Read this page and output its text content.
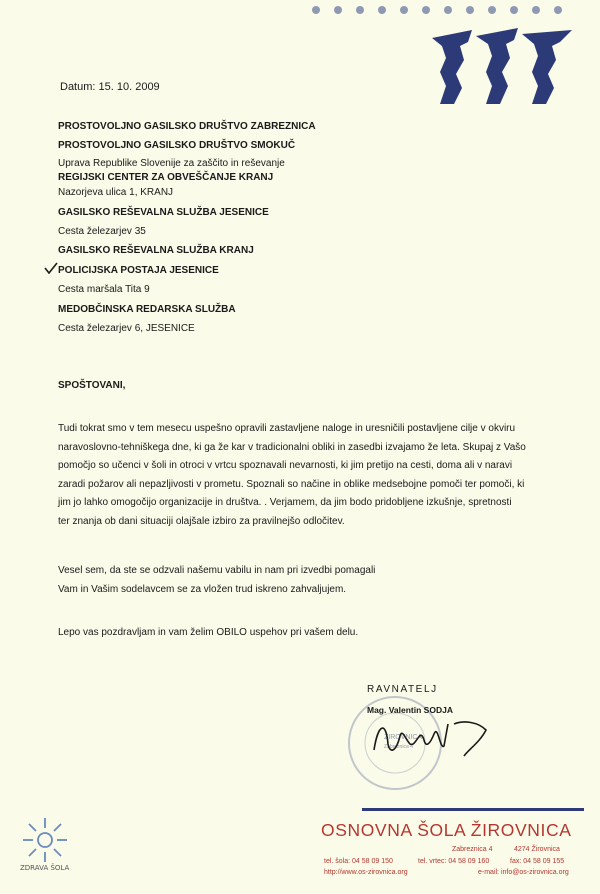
Datum: 15. 10. 2009
PROSTOVOLJNO GASILSKO DRUŠTVO ZABREZNICA
PROSTOVOLJNO GASILSKO DRUŠTVO SMOKUČ
Uprava Republike Slovenije za zaščito in reševanje
REGIJSKI CENTER ZA OBVEŠČANJE KRANJ
Nazorjeva ulica 1, KRANJ
GASILSKO REŠEVALNA SLUŽBA JESENICE
Cesta železarjev 35
GASILSKO REŠEVALNA SLUŽBA KRANJ
POLICIJSKA POSTAJA JESENICE
Cesta maršala Tita 9
MEDOBČINSKA REDARSKA SLUŽBA
Cesta železarjev 6, JESENICE
SPOŠTOVANI,
Tudi tokrat smo v tem mesecu uspešno opravili zastavljene naloge in uresničili postavljene cilje v okviru
naravoslovno-tehniškega dne, ki ga že kar v tradicionalni obliki in zasedbi izvajamo že leta. Skupaj z Vašo
pomočjo so učenci v šoli in otroci v vrtcu spoznavali nevarnosti, ki jim pretijo na cesti, doma ali v naravi
zaradi požarov ali nepazljivosti v prometu. Spoznali so načine in oblike medsebojne pomoči ter pomoči, ki
jim jo lahko omogočijo organizacije in društva. . Verjamem, da jim bodo pridobljene izkušnje, spretnosti
ter znanja ob dani situaciji olajšale izbiro za pravilnejšo odločitev.
Vesel sem, da ste se odzvali našemu vabilu in nam pri izvedbi pomagali
Vam in Vašim sodelavcem se za vložen trud iskreno zahvaljujem.
Lepo vas pozdravljam in vam želim OBILO uspehov pri vašem delu.
ŽIROVNICA
Zabreznica 4
RAVNATELJ
Mag. Valentin SODJA
ZDRAVA ŠOLA
OSNOVNA ŠOLA ŽIROVNICA
Zabreznica 4	4274 Žirovnica
tel. šola: 04 58 09 150	tel. vrtec: 04 58 09 160	fax: 04 58 09 155
http://www.os-zirovnica.org	e-mail: info@os-zirovnica.org
